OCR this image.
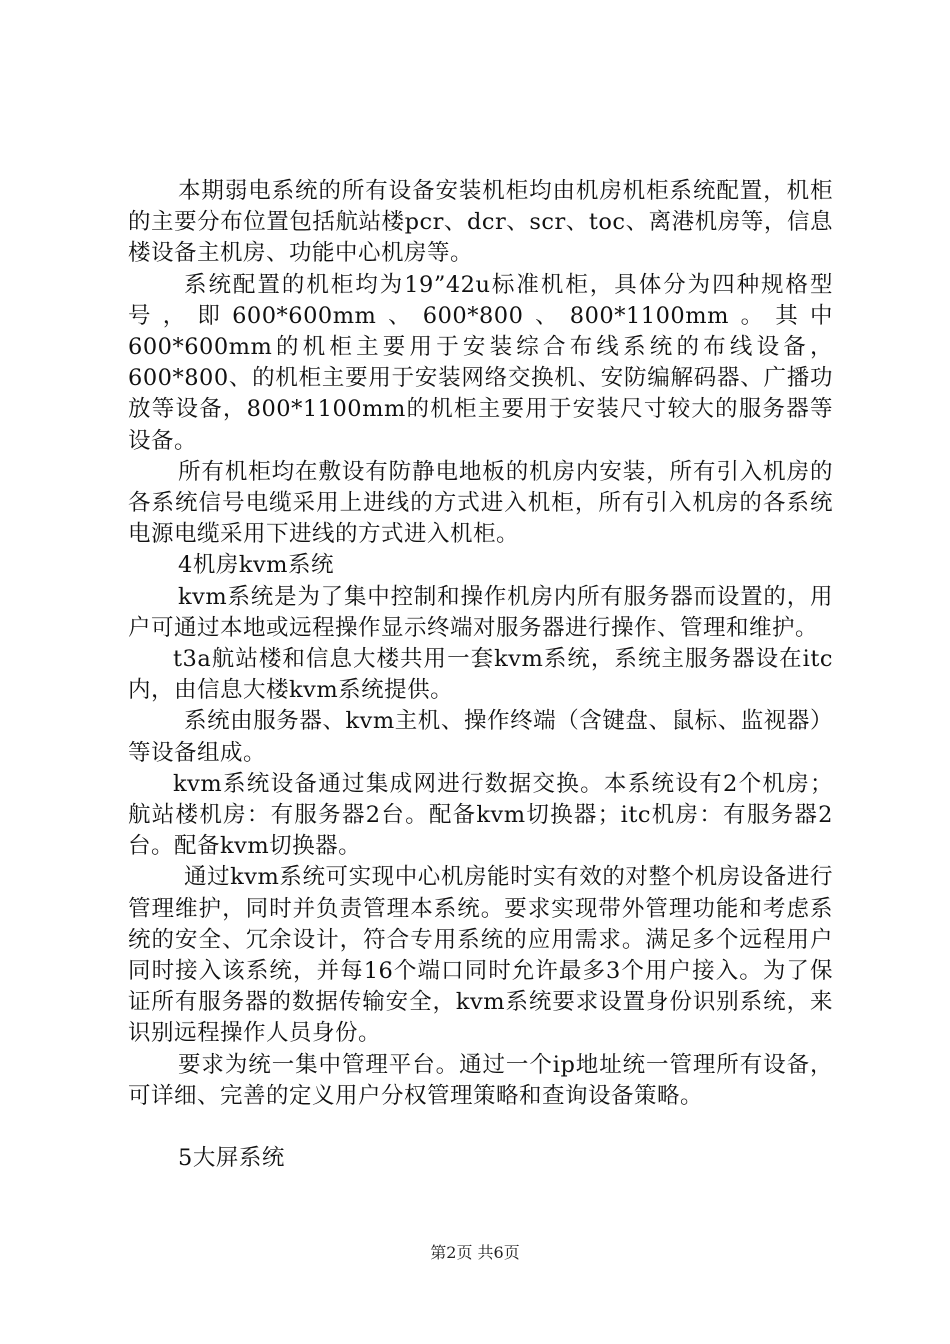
本期弱电系统的所有设备安装机柜均由机房机柜系统配置，机柜的主要分布位置包括航站楼pcr、dcr、scr、toc、离港机房等，信息楼设备主机房、功能中心机房等。

系统配置的机柜均为19”42u标准机柜，具体分为四种规格型号，即600*600mm、600*800、800*1100mm。其中600*600mm的机柜主要用于安装综合布线系统的布线设备，600*800、的机柜主要用于安装网络交换机、安防编解码器、广播功放等设备，800*1100mm的机柜主要用于安装尺寸较大的服务器等设备。

所有机柜均在敷设有防静电地板的机房内安装，所有引入机房的各系统信号电缆采用上进线的方式进入机柜，所有引入机房的各系统电源电缆采用下进线的方式进入机柜。

4机房kvm系统

kvm系统是为了集中控制和操作机房内所有服务器而设置的，用户可通过本地或远程操作显示终端对服务器进行操作、管理和维护。

t3a航站楼和信息大楼共用一套kvm系统，系统主服务器设在itc内，由信息大楼kvm系统提供。

系统由服务器、kvm主机、操作终端（含键盘、鼠标、监视器）等设备组成。

kvm系统设备通过集成网进行数据交换。本系统设有2个机房；航站楼机房：有服务器2台。配备kvm切换器；itc机房：有服务器2台。配备kvm切换器。

通过kvm系统可实现中心机房能时实有效的对整个机房设备进行管理维护，同时并负责管理本系统。要求实现带外管理功能和考虑系统的安全、冗余设计，符合专用系统的应用需求。满足多个远程用户同时接入该系统，并每16个端口同时允许最多3个用户接入。为了保证所有服务器的数据传输安全，kvm系统要求设置身份识别系统，来识别远程操作人员身份。

要求为统一集中管理平台。通过一个ip地址统一管理所有设备，可详细、完善的定义用户分权管理策略和查询设备策略。

5大屏系统

第2页 共6页
